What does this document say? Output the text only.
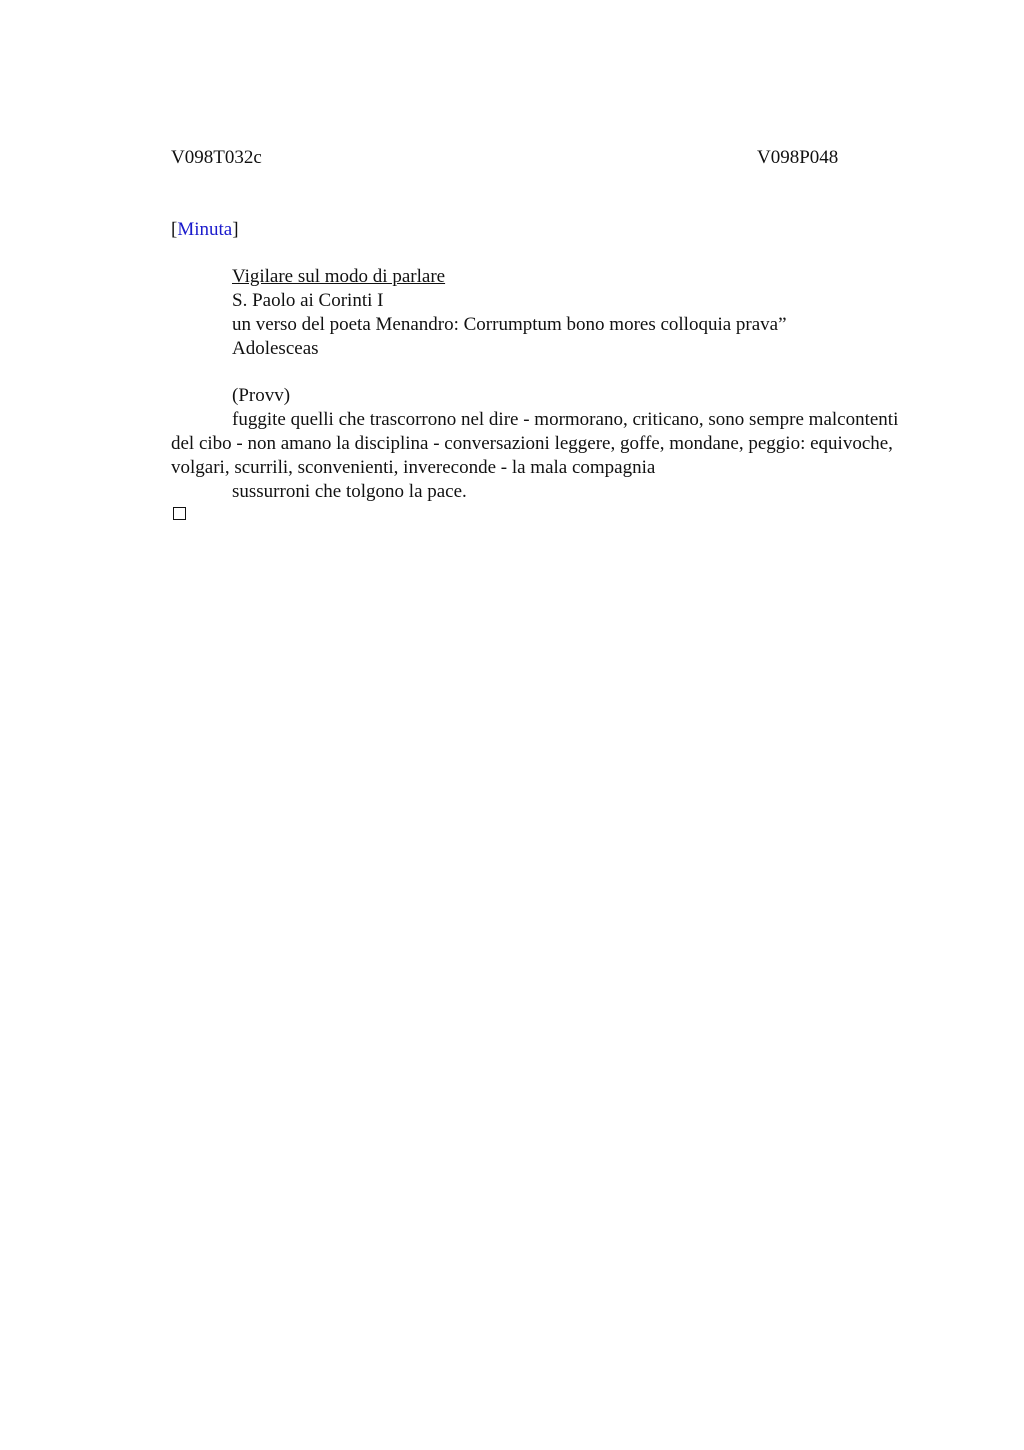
V098T032c	V098P048
[Minuta]
Vigilare sul modo di parlare
S. Paolo ai Corinti I
un verso del poeta Menandro: Corrumptum bono mores colloquia prava”
Adolesceas
(Provv)

fuggite quelli che trascorrono nel dire - mormorano, criticano, sono sempre malcontenti del cibo - non amano la disciplina - conversazioni leggere, goffe, mondane, peggio: equivoche, volgari, scurrili, sconvenienti, invereconde - la mala compagnia

sussurroni che tolgono la pace.
